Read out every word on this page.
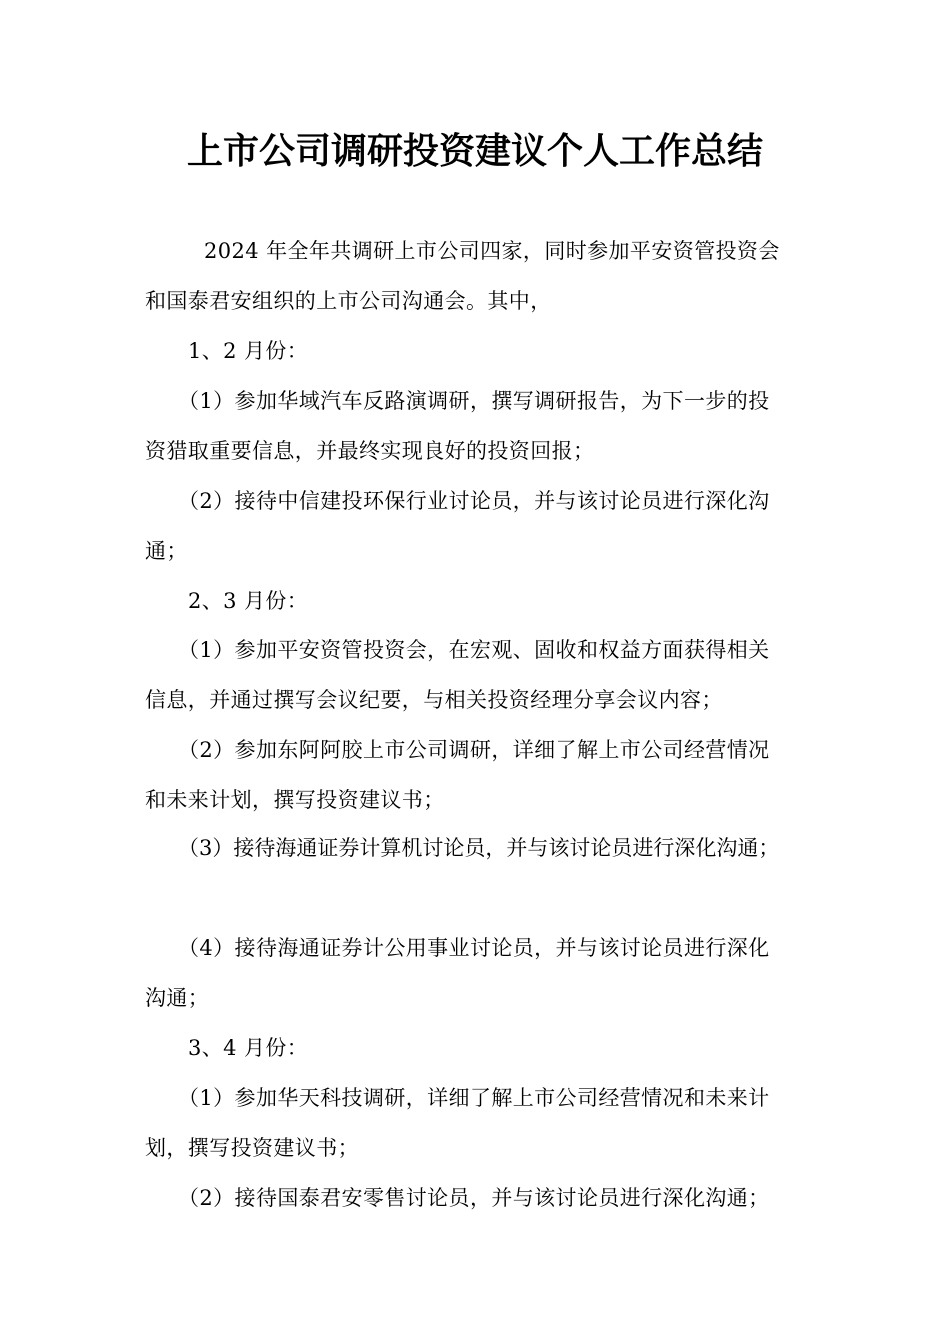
上市公司调研投资建议个人工作总结
2024 年全年共调研上市公司四家，同时参加平安资管投资会
和国泰君安组织的上市公司沟通会。其中，
1、2 月份：
（1）参加华域汽车反路演调研，撰写调研报告，为下一步的投
资猎取重要信息，并最终实现良好的投资回报；
（2）接待中信建投环保行业讨论员，并与该讨论员进行深化沟
通；
2、3 月份：
（1）参加平安资管投资会，在宏观、固收和权益方面获得相关
信息，并通过撰写会议纪要，与相关投资经理分享会议内容；
（2）参加东阿阿胶上市公司调研，详细了解上市公司经营情况
和未来计划，撰写投资建议书；
（3）接待海通证券计算机讨论员，并与该讨论员进行深化沟通；
（4）接待海通证券计公用事业讨论员，并与该讨论员进行深化
沟通；
3、4 月份：
（1）参加华天科技调研，详细了解上市公司经营情况和未来计
划，撰写投资建议书；
（2）接待国泰君安零售讨论员，并与该讨论员进行深化沟通；
